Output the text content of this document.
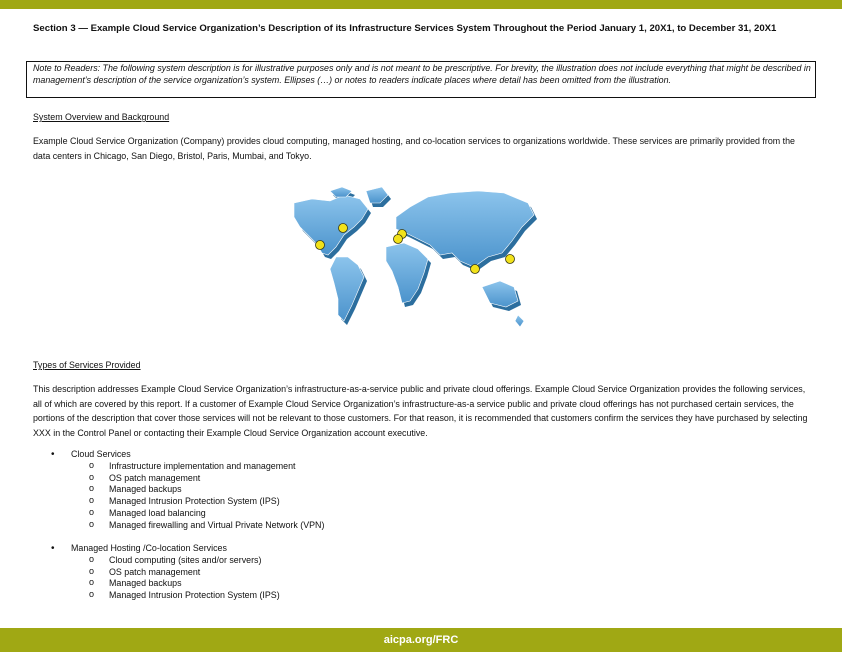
Section 3 — Example Cloud Service Organization’s Description of its Infrastructure Services System Throughout the Period January 1, 20X1, to December 31, 20X1
Note to Readers: The following system description is for illustrative purposes only and is not meant to be prescriptive. For brevity, the illustration does not include everything that might be described in management’s description of the service organization’s system. Ellipses (…) or notes to readers indicate places where detail has been omitted from the illustration.
System Overview and Background
Example Cloud Service Organization (Company) provides cloud computing, managed hosting, and co-location services to organizations worldwide. These services are primarily provided from the data centers in Chicago, San Diego, Bristol, Paris, Mumbai, and Tokyo.
Types of Services Provided
This description addresses Example Cloud Service Organization’s infrastructure-as-a-service public and private cloud offerings. Example Cloud Service Organization provides the following services, all of which are covered by this report. If a customer of Example Cloud Service Organization’s infrastructure-as-a service public and private cloud offerings has not purchased certain services, the portions of the description that cover those services will not be relevant to those customers. For that reason, it is recommended that customers confirm the services they have purchased by selecting XXX in the Control Panel or contacting their Example Cloud Service Organization account executive.
• Cloud Services
o Infrastructure implementation and management
o OS patch management
o Managed backups
o Managed Intrusion Protection System (IPS)
o Managed load balancing
o Managed firewalling and Virtual Private Network (VPN)
• Managed Hosting /Co-location Services
o Cloud computing (sites and/or servers)
o OS patch management
o Managed backups
o Managed Intrusion Protection System (IPS)
aicpa.org/FRC
